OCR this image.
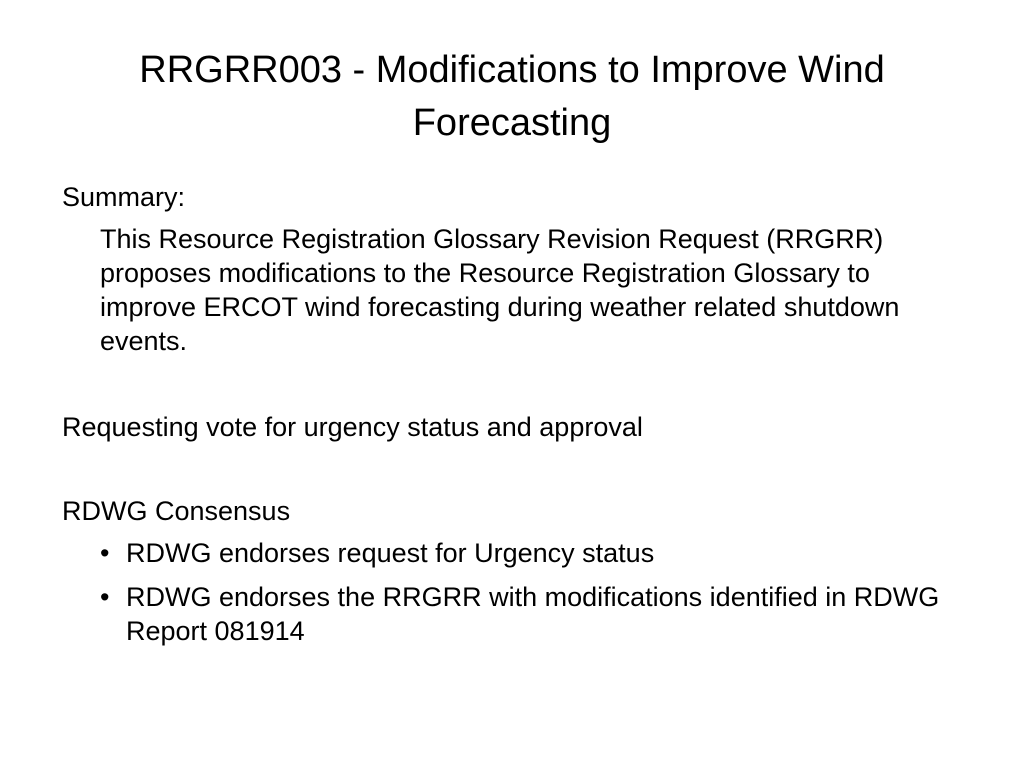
RRGRR003 - Modifications to Improve Wind Forecasting

Summary:

This Resource Registration Glossary Revision Request (RRGRR) proposes modifications to the Resource Registration Glossary to improve ERCOT wind forecasting during weather related shutdown events.

Requesting vote for urgency status and approval

RDWG Consensus

• RDWG endorses request for Urgency status
• RDWG endorses the RRGRR with modifications identified in RDWG Report 081914
